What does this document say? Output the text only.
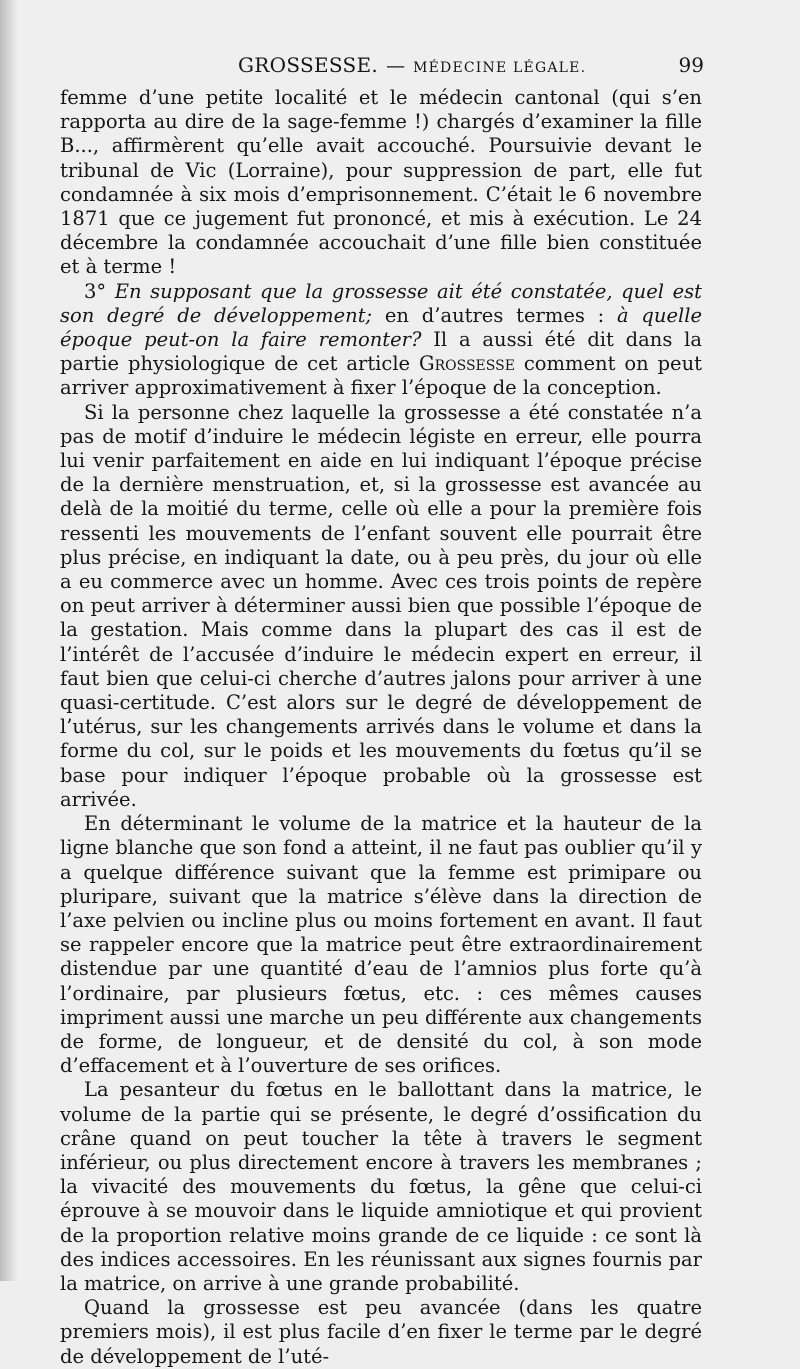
GROSSESSE. — MÉDECINE LÉGALE.	99

femme d’une petite localité et le médecin cantonal (qui s’en rapporta au dire de la sage-femme !) chargés d’examiner la fille B..., affirmèrent qu’elle avait accouché. Poursuivie devant le tribunal de Vic (Lorraine), pour suppression de part, elle fut condamnée à six mois d’emprisonnement. C’était le 6 novembre 1871 que ce jugement fut prononcé, et mis à exécution. Le 24 décembre la condamnée accouchait d’une fille bien constituée et à terme !

3° En supposant que la grossesse ait été constatée, quel est son degré de développement; en d’autres termes : à quelle époque peut-on la faire remonter? Il a aussi été dit dans la partie physiologique de cet article Grossesse comment on peut arriver approximativement à fixer l’époque de la conception.

Si la personne chez laquelle la grossesse a été constatée n’a pas de motif d’induire le médecin légiste en erreur, elle pourra lui venir parfaitement en aide en lui indiquant l’époque précise de la dernière menstruation, et, si la grossesse est avancée au delà de la moitié du terme, celle où elle a pour la première fois ressenti les mouvements de l’enfant souvent elle pourrait être plus précise, en indiquant la date, ou à peu près, du jour où elle a eu commerce avec un homme. Avec ces trois points de repère on peut arriver à déterminer aussi bien que possible l’époque de la gestation. Mais comme dans la plupart des cas il est de l’intérêt de l’accusée d’induire le médecin expert en erreur, il faut bien que celui-ci cherche d’autres jalons pour arriver à une quasi-certitude. C’est alors sur le degré de développement de l’utérus, sur les changements arrivés dans le volume et dans la forme du col, sur le poids et les mouvements du fœtus qu’il se base pour indiquer l’époque probable où la grossesse est arrivée.

En déterminant le volume de la matrice et la hauteur de la ligne blanche que son fond a atteint, il ne faut pas oublier qu’il y a quelque différence suivant que la femme est primipare ou pluripare, suivant que la matrice s’élève dans la direction de l’axe pelvien ou incline plus ou moins fortement en avant. Il faut se rappeler encore que la matrice peut être extraordinairement distendue par une quantité d’eau de l’amnios plus forte qu’à l’ordinaire, par plusieurs fœtus, etc. : ces mêmes causes impriment aussi une marche un peu différente aux changements de forme, de longueur, et de densité du col, à son mode d’effacement et à l’ouverture de ses orifices.

La pesanteur du fœtus en le ballottant dans la matrice, le volume de la partie qui se présente, le degré d’ossification du crâne quand on peut toucher la tête à travers le segment inférieur, ou plus directement encore à travers les membranes ; la vivacité des mouvements du fœtus, la gêne que celui-ci éprouve à se mouvoir dans le liquide amniotique et qui provient de la proportion relative moins grande de ce liquide : ce sont là des indices accessoires. En les réunissant aux signes fournis par la matrice, on arrive à une grande probabilité.

Quand la grossesse est peu avancée (dans les quatre premiers mois), il est plus facile d’en fixer le terme par le degré de développement de l’uté-
